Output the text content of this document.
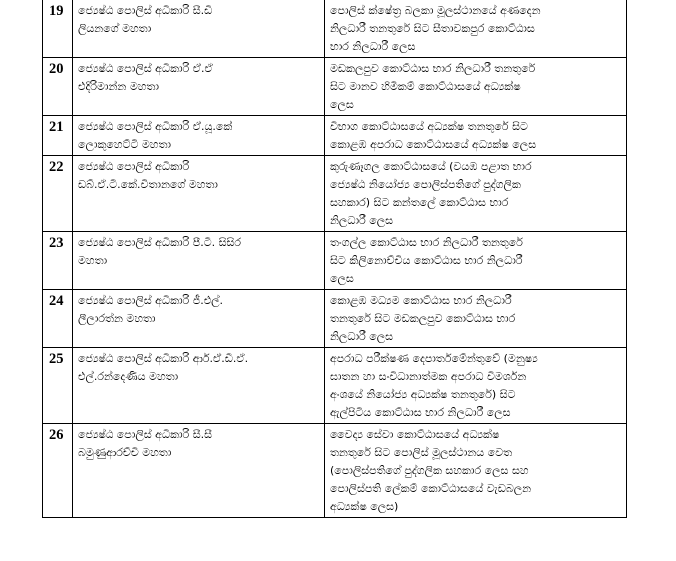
19	ජ්‍යෙෂ්ඨ පොලිස් අධිකාරි සී.ඩී
ලියනගේ මහතා	පොලිස් ක්ෂේත්‍ර බලකා මූලස්ථානයේ අණදෙන
නිලධාරී තනතුරේ සිට සීතාවකපුර කොට්ඨාස
භාර නිලධාරී ලෙස
20	ජ්‍යෙෂ්ඨ පොලිස් අධිකාරි ඒ.ඒ
එදිරිමාන්න මහතා	මඩකලපුව කොට්ඨාස භාර නිලධාරී තනතුරේ
සිට මානව හිමිකම් කොට්ඨාසයේ අධ්‍යක්ෂ
ලෙස
21	ජ්‍යෙෂ්ඨ පොලිස් අධිකාරි ඒ.යූ.කේ
ලොකුහෙට්ටි මහතා	විභාග කොට්ඨාසයේ අධ්‍යක්ෂ තනතුරේ සිට
කොළඹ අපරාධ කොට්ඨාසයේ අධ්‍යක්ෂ ලෙස
22	ජ්‍යෙෂ්ඨ පොලිස් අධිකාරි
ඩබ්.ඒ.ටී.කේ.විතානගේ මහතා	කුරුණෑගල කොට්ඨාසයේ (වයඹ පළාත භාර
ජ්‍යෙෂ්ඨ නියෝජ්‍ය පොලිස්පතිගේ පුද්ගලික
සහකාර) සිට කන්තලේ කොට්ඨාස භාර
නිලධාරී ලෙස
23	ජ්‍යෙෂ්ඨ පොලිස් අධිකාරි පී.ටී. සිසිර
මහතා	තංගල්ල කොට්ඨාස භාර නිලධාරී තනතුරේ
සිට කිලිනොච්චිය කොට්ඨාස භාර නිලධාරී
ලෙස
24	ජ්‍යෙෂ්ඨ පොලිස් අධිකාරි ජී.එල්.
ලීලාරත්න මහතා	කොළඹ මධ්‍යම කොට්ඨාස භාර නිලධාරී
තනතුරේ සිට මඩකලපුව කොට්ඨාස භාර
නිලධාරී ලෙස
25	ජ්‍යෙෂ්ඨ පොලිස් අධිකාරි ආර්.ඒ.ඩී.ඒ.
එල්.රන්දෙණිය මහතා	අපරාධ පරීක්ෂණ දෙපාර්තමේන්තුවේ (මනුෂ්‍ය
ඝාතන හා සංවිධානාත්මක අපරාධ විමර්ශන
අංශයේ නියෝජ්‍ය අධ්‍යක්ෂ තනතුරේ) සිට
ඇල්පිටිය කොට්ඨාස භාර නිලධාරී ලෙස
26	ජ්‍යෙෂ්ඨ පොලිස් අධිකාරි සී.සී
බමුණුආරච්චි මහතා	වෛද්‍ය සේවා කොට්ඨාසයේ අධ්‍යක්ෂ
තනතුරේ සිට පොලිස් මූලස්ථානය වෙත
(පොලිස්පතිගේ පුද්ගලික සහකාර ලෙස සහ
පොලිස්පති ලේකම් කොට්ඨාසයේ වැඩබලන
අධ්‍යක්ෂ ලෙස)
